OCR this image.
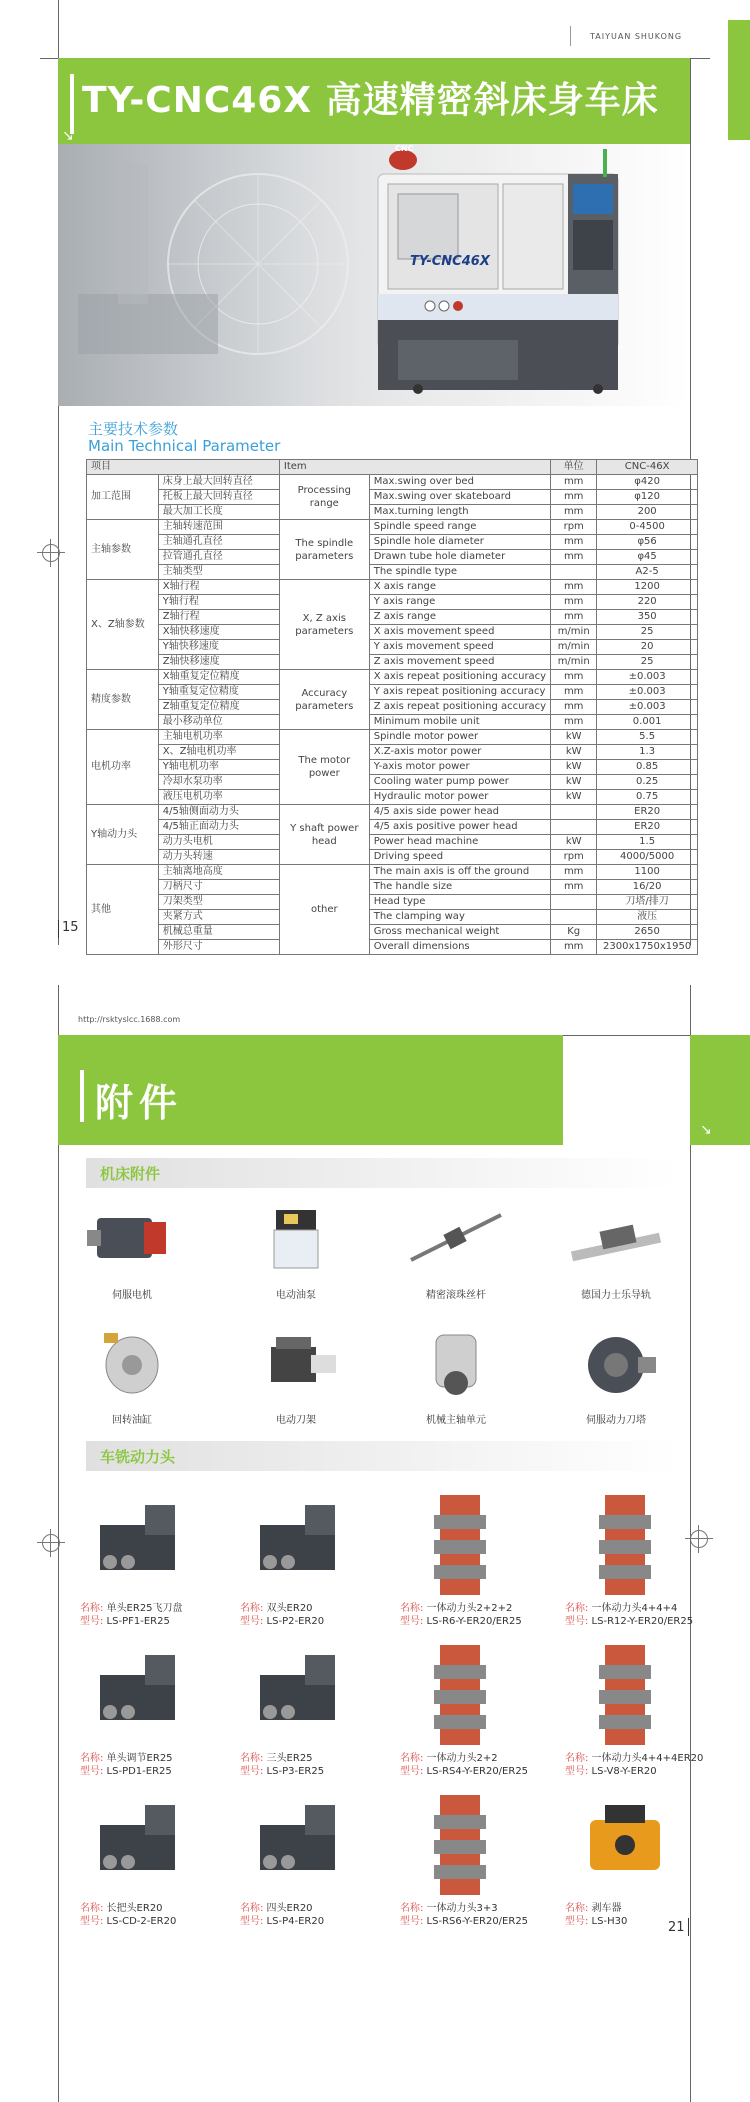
TAIYUAN SHUKONG
TY-CNC46X 高速精密斜床身车床
↘
CNC
TY-CNC46X
主要技术参数
Main Technical Parameter
项目		Item		单位	CNC-46X
加工范围	床身上最大回转直径	Processing range	Max.swing over bed	mm	φ420
	托板上最大回转直径		Max.swing over skateboard	mm	φ120
	最大加工长度		Max.turning length	mm	200
主轴参数	主轴转速范围	The spindle parameters	Spindle speed range	rpm	0-4500
	主轴通孔直径		Spindle hole diameter	mm	φ56
	拉管通孔直径		Drawn tube hole diameter	mm	φ45
	主轴类型		The spindle type		A2-5
X、Z轴参数	X轴行程	X, Z axis parameters	X axis range	mm	1200
	Y轴行程		Y axis range	mm	220
	Z轴行程		Z axis range	mm	350
	X轴快移速度		X axis movement speed	m/min	25
	Y轴快移速度		Y axis movement speed	m/min	20
	Z轴快移速度		Z axis movement speed	m/min	25
精度参数	X轴重复定位精度	Accuracy parameters	X axis repeat positioning accuracy	mm	±0.003
	Y轴重复定位精度		Y axis repeat positioning accuracy	mm	±0.003
	Z轴重复定位精度		Z axis repeat positioning accuracy	mm	±0.003
	最小移动单位		Minimum mobile unit	mm	0.001
电机功率	主轴电机功率	The motor power	Spindle motor power	kW	5.5
	X、Z轴电机功率		X.Z-axis motor power	kW	1.3
	Y轴电机功率		Y-axis motor power	kW	0.85
	冷却水泵功率		Cooling water pump power	kW	0.25
	液压电机功率		Hydraulic motor power	kW	0.75
Y轴动力头	4/5轴侧面动力头	Y shaft power head	4/5 axis side power head		ER20
	4/5轴正面动力头		4/5 axis positive power head		ER20
	动力头电机		Power head machine	kW	1.5
	动力头转速		Driving speed	rpm	4000/5000
其他	主轴离地高度	other	The main axis is off the ground	mm	1100
	刀柄尺寸		The handle size	mm	16/20
	刀架类型		Head type		刀塔/排刀
	夹紧方式		The clamping way		液压
	机械总重量		Gross mechanical weight	Kg	2650
	外形尺寸		Overall dimensions	mm	2300x1750x1950
15
http://rsktyslcc.1688.com
↘
附件
机床附件
伺服电机	电动油泵	精密滚珠丝杆	德国力士乐导轨
回转油缸	电动刀架	机械主轴单元	伺服动力刀塔
车铣动力头
名称: 单头ER25飞刀盘
型号: LS-PF1-ER25
名称: 双头ER20
型号: LS-P2-ER20
名称: 一体动力头2+2+2
型号: LS-R6-Y-ER20/ER25
名称: 一体动力头4+4+4
型号: LS-R12-Y-ER20/ER25
名称: 单头调节ER25
型号: LS-PD1-ER25
名称: 三头ER25
型号: LS-P3-ER25
名称: 一体动力头2+2
型号: LS-RS4-Y-ER20/ER25
名称: 一体动力头4+4+4ER20
型号: LS-V8-Y-ER20
名称: 长把头ER20
型号: LS-CD-2-ER20
名称: 四头ER20
型号: LS-P4-ER20
名称: 一体动力头3+3
型号: LS-RS6-Y-ER20/ER25
名称: 剥车器
型号: LS-H30	21
